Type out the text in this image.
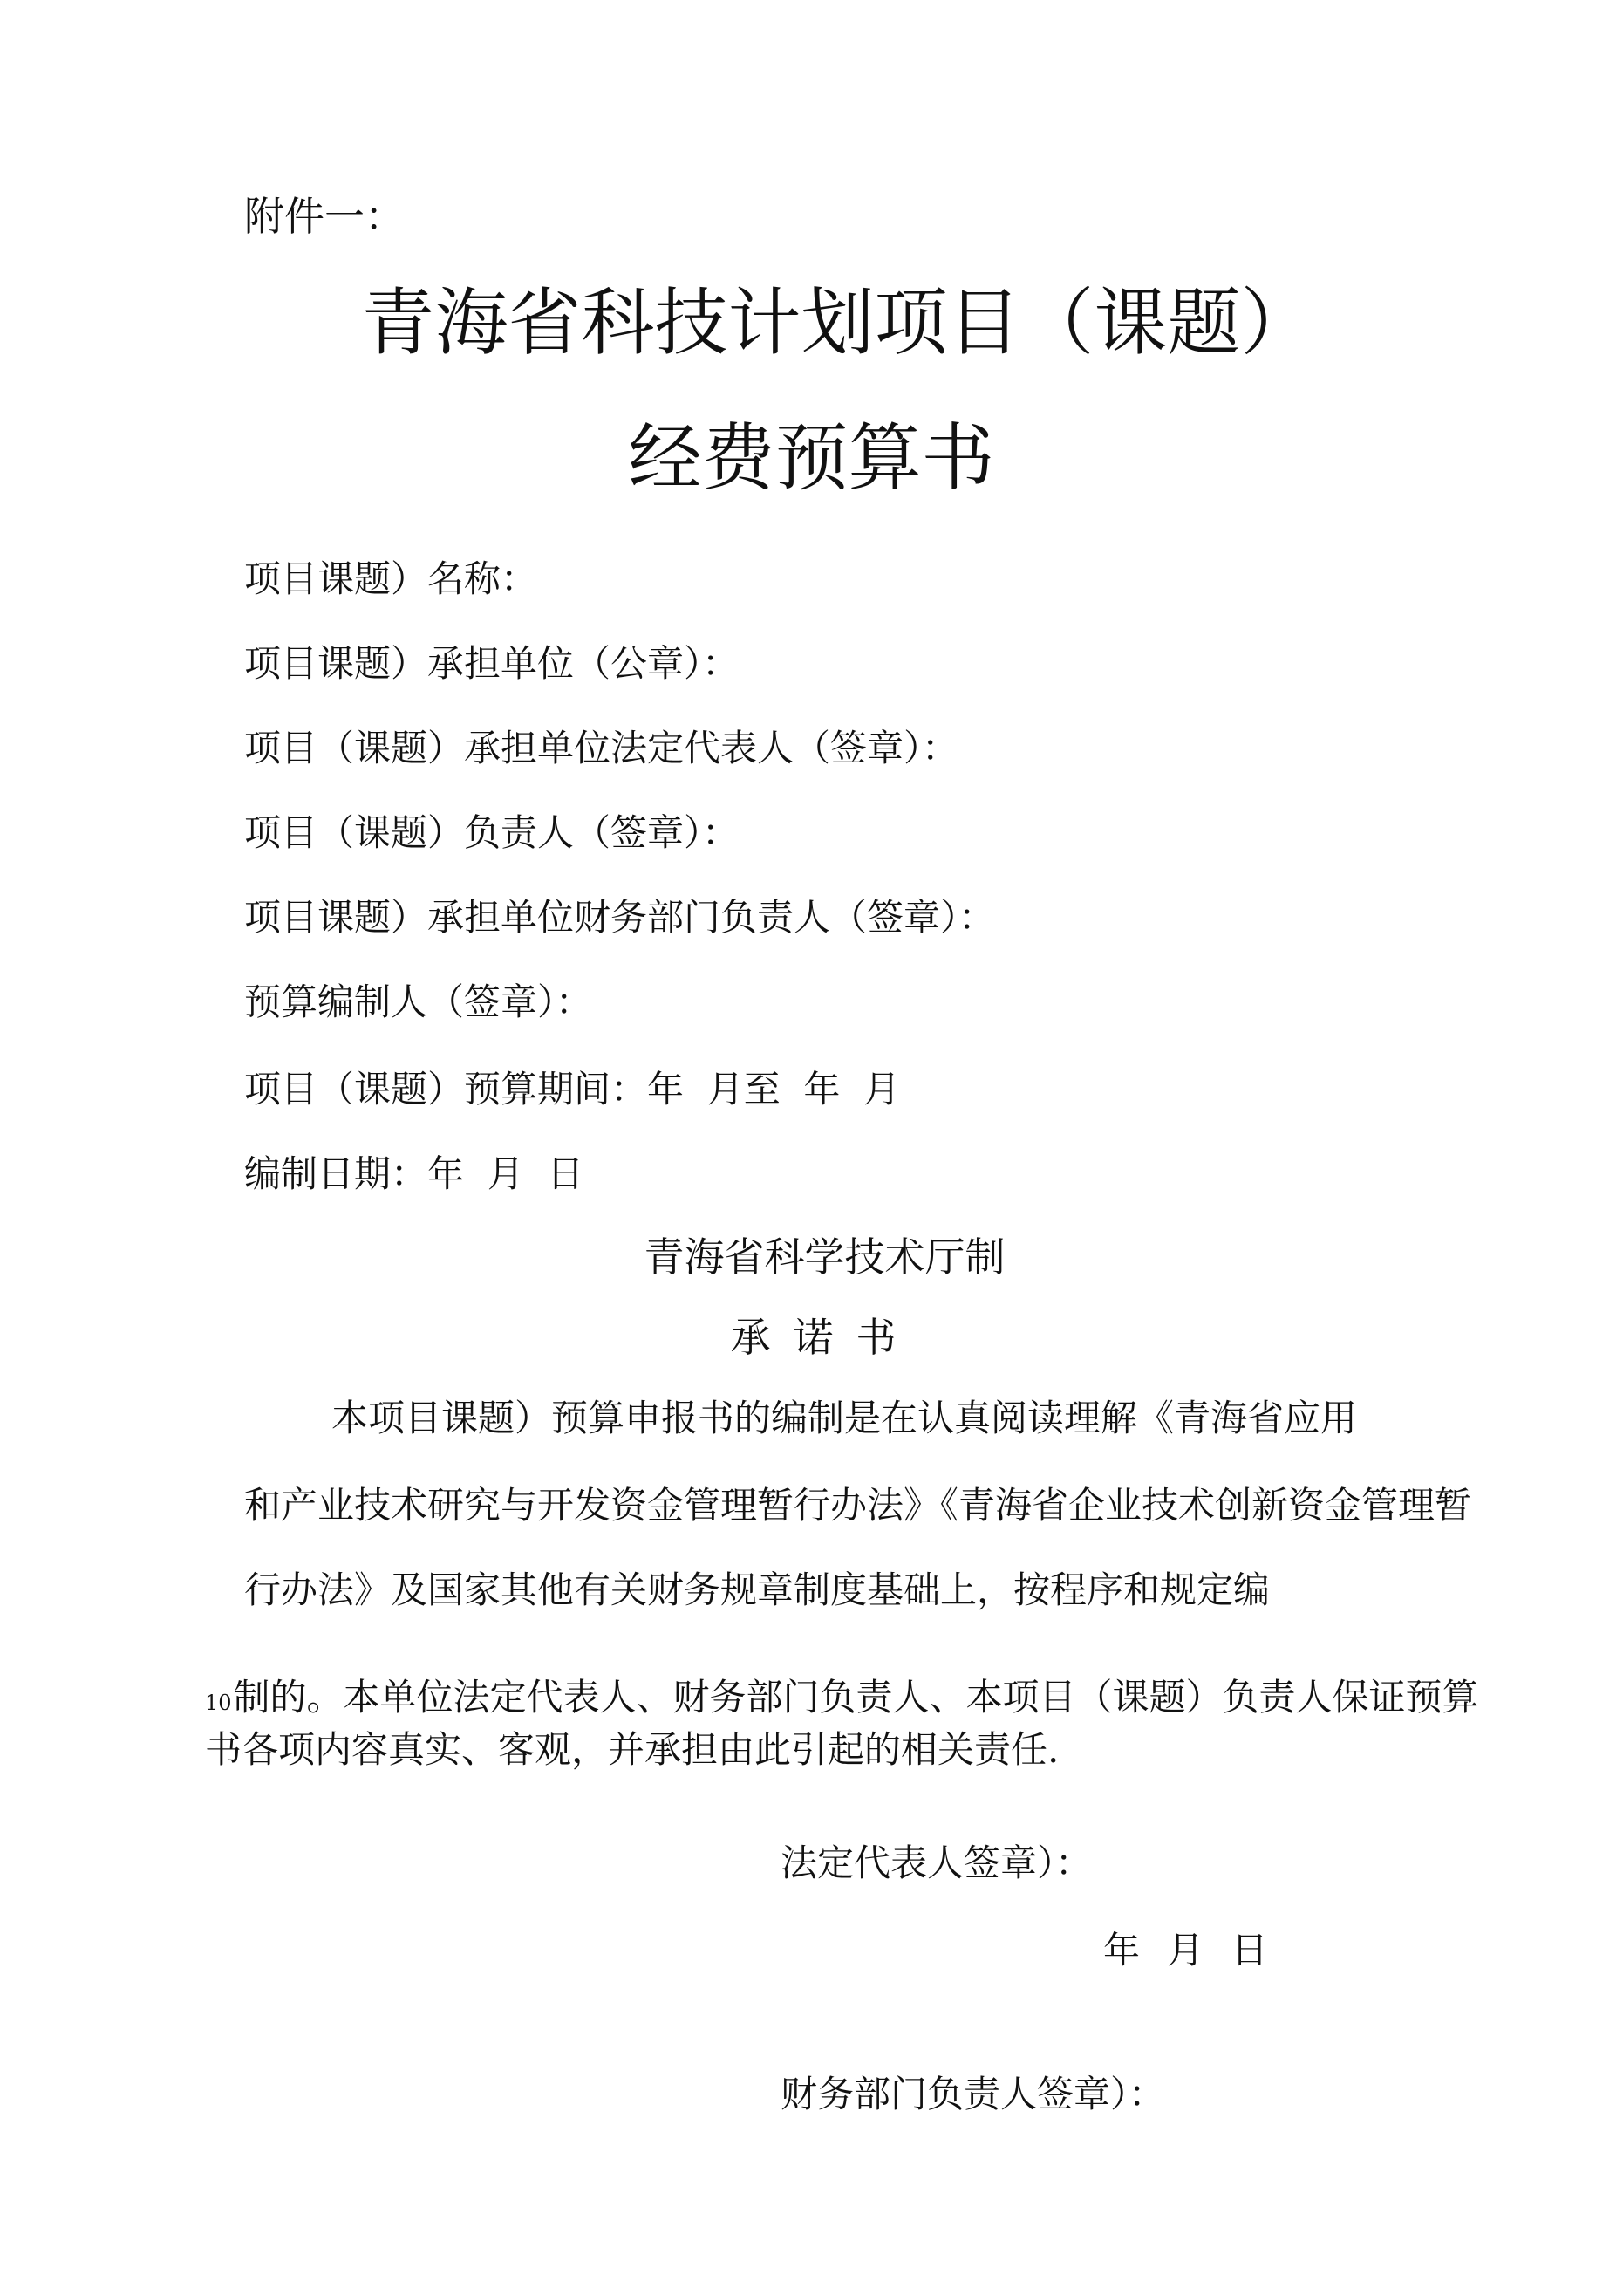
附件一：
青海省科技计划项目（课题）
经费预算书
项目课题）名称：
项目课题）承担单位（公章）：
项目（课题）承担单位法定代表人（签章）：
项目（课题）负责人（签章）：
项目课题）承担单位财务部门负责人（签章）：
预算编制人（签章）：
项目（课题）预算期间：年  月至  年  月
编制日期：年  月  日
青海省科学技术厅制
承诺书
本项目课题）预算申报书的编制是在认真阅读理解《青海省应用
和产业技术研究与开发资金管理暂行办法》《青海省企业技术创新资金管理暂
行办法》及国家其他有关财务规章制度基础上，按程序和规定编
10制的。本单位法定代表人、财务部门负责人、本项目（课题）负责人保证预算
书各项内容真实、客观，并承担由此引起的相关责任.
法定代表人签章）：
年 月 日
财务部门负责人签章）：
